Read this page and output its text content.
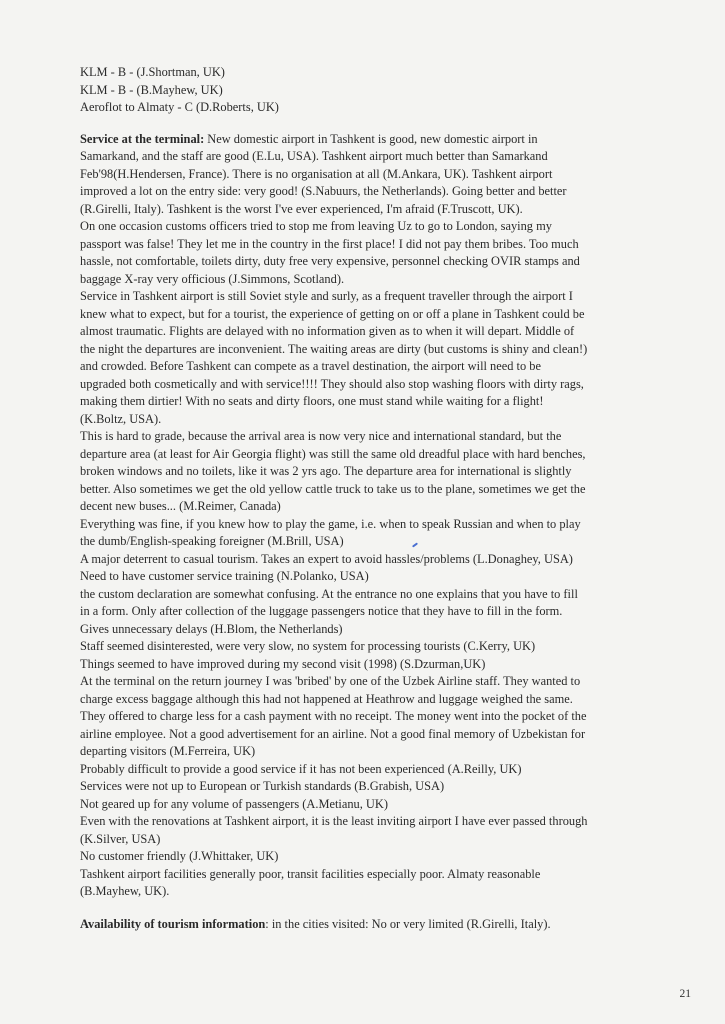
KLM - B - (J.Shortman, UK)
KLM - B - (B.Mayhew, UK)
Aeroflot to Almaty - C (D.Roberts, UK)
Service at the terminal: New domestic airport in Tashkent is good, new domestic airport in
Samarkand, and the staff are good (E.Lu, USA). Tashkent airport much better than Samarkand
Feb'98(H.Hendersen, France). There is no organisation at all (M.Ankara, UK). Tashkent airport
improved a lot on the entry side: very good! (S.Nabuurs, the Netherlands). Going better and better
(R.Girelli, Italy). Tashkent is the worst I've ever experienced, I'm afraid (F.Truscott, UK).
On one occasion customs officers tried to stop me from leaving Uz to go to London, saying my
passport was false! They let me in the country in the first place! I did not pay them bribes. Too much
hassle, not comfortable, toilets dirty, duty free very expensive, personnel checking OVIR stamps and
baggage X-ray very officious (J.Simmons, Scotland).
Service in Tashkent airport is still Soviet style and surly, as a frequent traveller through the airport I
knew what to expect, but for a tourist, the experience of getting on or off a plane in Tashkent could be
almost traumatic. Flights are delayed with no information given as to when it will depart. Middle of
the night the departures are inconvenient. The waiting areas are dirty (but customs is shiny and clean!)
and crowded. Before Tashkent can compete as a travel destination, the airport will need to be
upgraded both cosmetically and with service!!!! They should also stop washing floors with dirty rags,
making them dirtier! With no seats and dirty floors, one must stand while waiting for a flight!
(K.Boltz, USA).
This is hard to grade, because the arrival area is now very nice and international standard, but the
departure area (at least for Air Georgia flight) was still the same old dreadful place with hard benches,
broken windows and no toilets, like it was 2 yrs ago. The departure area for international is slightly
better. Also sometimes we get the old yellow cattle truck to take us to the plane, sometimes we get the
decent new buses... (M.Reimer, Canada)
Everything was fine, if you knew how to play the game, i.e. when to speak Russian and when to play
the dumb/English-speaking foreigner (M.Brill, USA)
A major deterrent to casual tourism. Takes an expert to avoid hassles/problems (L.Donaghey, USA)
Need to have customer service training (N.Polanko, USA)
the custom declaration are somewhat confusing. At the entrance no one explains that you have to fill
in a form. Only after collection of the luggage passengers notice that they have to fill in the form.
Gives unnecessary delays (H.Blom, the Netherlands)
Staff seemed disinterested, were very slow, no system for processing tourists (C.Kerry, UK)
Things seemed to have improved during my second visit (1998) (S.Dzurman,UK)
At the terminal on the return journey I was 'bribed' by one of the Uzbek Airline staff. They wanted to
charge excess baggage although this had not happened at Heathrow and luggage weighed the same.
They offered to charge less for a cash payment with no receipt. The money went into the pocket of the
airline employee. Not a good advertisement for an airline. Not a good final memory of Uzbekistan for
departing visitors (M.Ferreira, UK)
Probably difficult to provide a good service if it has not been experienced (A.Reilly, UK)
Services were not up to European or Turkish standards (B.Grabish, USA)
Not geared up for any volume of passengers (A.Metianu, UK)
Even with the renovations at Tashkent airport, it is the least inviting airport I have ever passed through
(K.Silver, USA)
No customer friendly (J.Whittaker, UK)
Tashkent airport facilities generally poor, transit facilities especially poor. Almaty reasonable
(B.Mayhew, UK).
Availability of tourism information: in the cities visited: No or very limited (R.Girelli, Italy).
21
